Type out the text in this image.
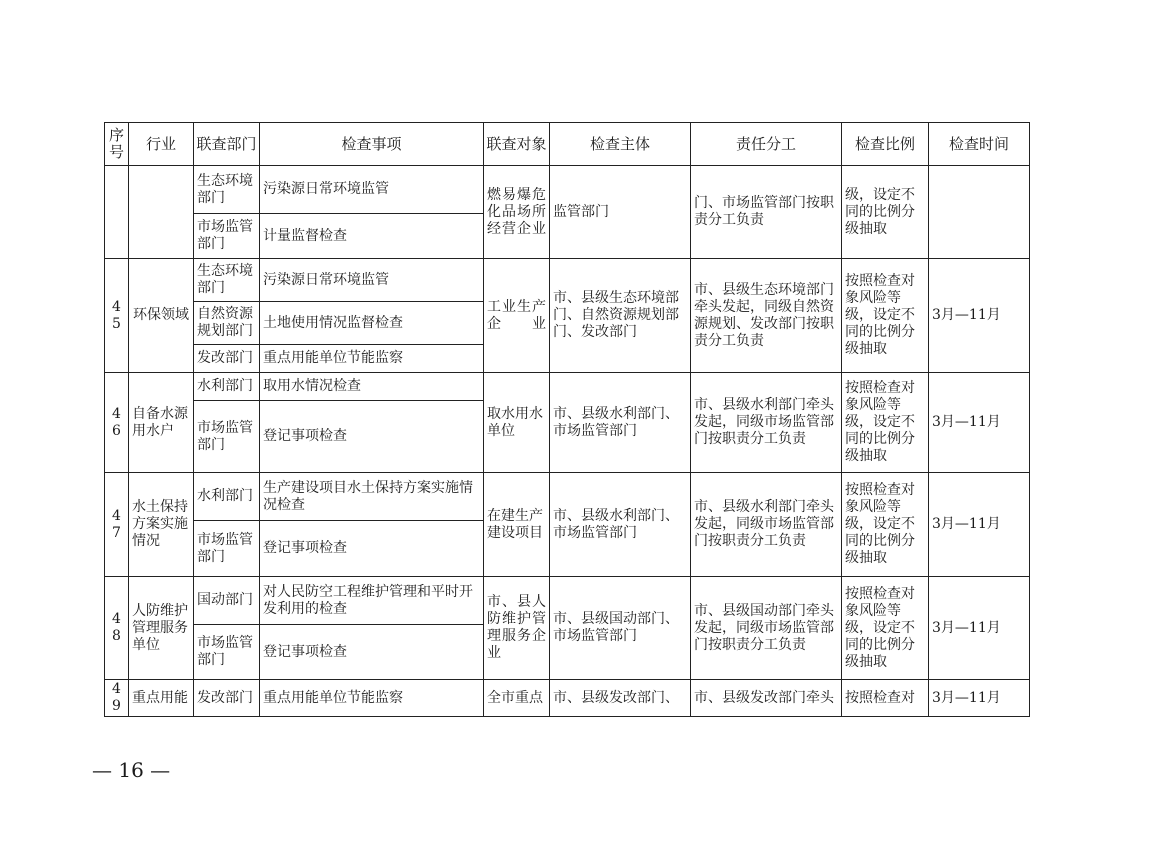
序号	行业	联查部门	检查事项	联查对象	检查主体	责任分工	检查比例	检查时间
		生态环境部门	污染源日常环境监管	燃易爆危化品场所经营企业	监管部门	门、市场监管部门按职责分工负责	级，设定不同的比例分级抽取	
		市场监管部门	计量监督检查					
45	环保领域	生态环境部门	污染源日常环境监管	工业生产企业	市、县级生态环境部门、自然资源规划部门、发改部门	市、县级生态环境部门牵头发起，同级自然资源规划、发改部门按职责分工负责	按照检查对象风险等级，设定不同的比例分级抽取	3月—11月
		自然资源规划部门	土地使用情况监督检查					
		发改部门	重点用能单位节能监察					
46	自备水源用水户	水利部门	取用水情况检查	取水用水单位	市、县级水利部门、市场监管部门	市、县级水利部门牵头发起，同级市场监管部门按职责分工负责	按照检查对象风险等级，设定不同的比例分级抽取	3月—11月
		市场监管部门	登记事项检查					
47	水土保持方案实施情况	水利部门	生产建设项目水土保持方案实施情况检查	在建生产建设项目	市、县级水利部门、市场监管部门	市、县级水利部门牵头发起，同级市场监管部门按职责分工负责	按照检查对象风险等级，设定不同的比例分级抽取	3月—11月
		市场监管部门	登记事项检查					
48	人防维护管理服务单位	国动部门	对人民防空工程维护管理和平时开发利用的检查	市、县人防维护管理服务企业	市、县级国动部门、市场监管部门	市、县级国动部门牵头发起，同级市场监管部门按职责分工负责	按照检查对象风险等级，设定不同的比例分级抽取	3月—11月
		市场监管部门	登记事项检查					
49	重点用能	发改部门	重点用能单位节能监察	全市重点	市、县级发改部门、	市、县级发改部门牵头	按照检查对	3月—11月
— 16 —
